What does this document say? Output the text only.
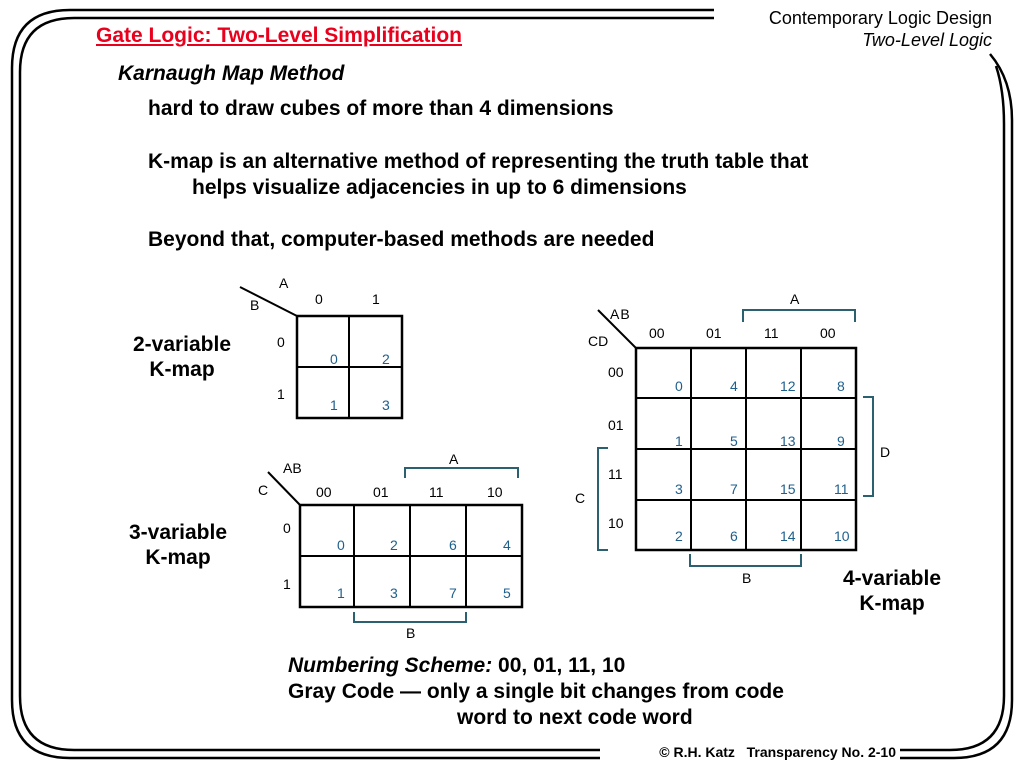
Gate Logic: Two-Level Simplification
Contemporary Logic Design
Two-Level Logic
Karnaugh Map Method
hard to draw cubes of more than 4 dimensions
K-map is an alternative method of representing the truth table that
helps visualize adjacencies in up to 6 dimensions
Beyond that, computer-based methods are needed
2-variable
K-map
A
B	0	1
0
1
0	2
1	3
3-variable
K-map
AB
C
A
B
00	01	11	10
0
1
0	2	6	4
1	3	7	5
AB
CD
A
D
C
B
00	01	11	00
00
01
11
10
0	4	12	8
1	5	13	9
3	7	15	11
2	6	14	10
4-variable
K-map
Numbering Scheme: 00, 01, 11, 10
Gray Code — only a single bit changes from code
word to next code word
© R.H. Katz Transparency No. 2-10
